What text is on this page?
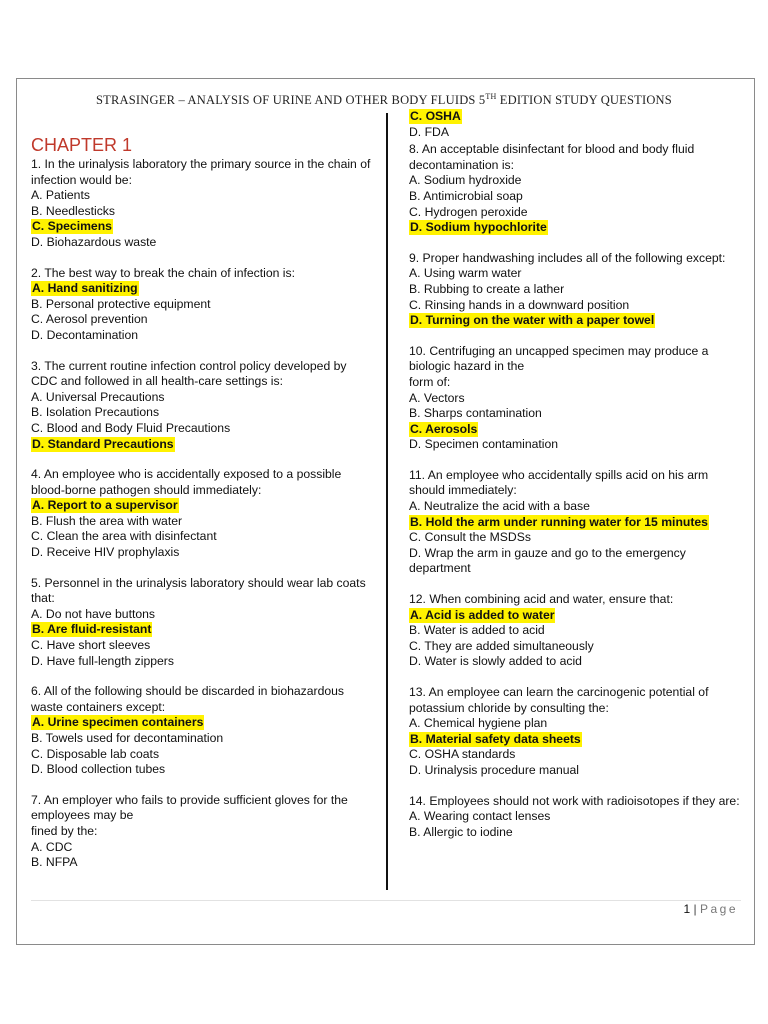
STRASINGER – ANALYSIS OF URINE AND OTHER BODY FLUIDS 5TH EDITION STUDY QUESTIONS
CHAPTER 1

1. In the urinalysis laboratory the primary source in the chain of infection would be:

A. Patients
B. Needlesticks
C. Specimens
D. Biohazardous waste

2. The best way to break the chain of infection is:

A. Hand sanitizing
B. Personal protective equipment
C. Aerosol prevention
D. Decontamination

3. The current routine infection control policy developed by CDC and followed in all health-care settings is:

A. Universal Precautions
B. Isolation Precautions
C. Blood and Body Fluid Precautions
D. Standard Precautions

4. An employee who is accidentally exposed to a possible blood-borne pathogen should immediately:

A. Report to a supervisor
B. Flush the area with water
C. Clean the area with disinfectant
D. Receive HIV prophylaxis

5. Personnel in the urinalysis laboratory should wear lab coats that:

A. Do not have buttons
B. Are fluid-resistant
C. Have short sleeves
D. Have full-length zippers

6. All of the following should be discarded in biohazardous waste containers except:

A. Urine specimen containers
B. Towels used for decontamination
C. Disposable lab coats
D. Blood collection tubes

7. An employer who fails to provide sufficient gloves for the employees may be
fined by the:

A. CDC
B. NFPA
C. OSHA
D. FDA

8. An acceptable disinfectant for blood and body fluid decontamination is:

A. Sodium hydroxide
B. Antimicrobial soap
C. Hydrogen peroxide
D. Sodium hypochlorite

9. Proper handwashing includes all of the following except:

A. Using warm water
B. Rubbing to create a lather
C. Rinsing hands in a downward position
D. Turning on the water with a paper towel

10. Centrifuging an uncapped specimen may produce a biologic hazard in the
form of:

A. Vectors
B. Sharps contamination
C. Aerosols
D. Specimen contamination

11. An employee who accidentally spills acid on his arm should immediately:

A. Neutralize the acid with a base
B. Hold the arm under running water for 15 minutes
C. Consult the MSDSs
D. Wrap the arm in gauze and go to the emergency department

12. When combining acid and water, ensure that:

A. Acid is added to water
B. Water is added to acid
C. They are added simultaneously
D. Water is slowly added to acid

13. An employee can learn the carcinogenic potential of potassium chloride by consulting the:

A. Chemical hygiene plan
B. Material safety data sheets
C. OSHA standards
D. Urinalysis procedure manual

14. Employees should not work with radioisotopes if they are:

A. Wearing contact lenses
B. Allergic to iodine
1 | Page
